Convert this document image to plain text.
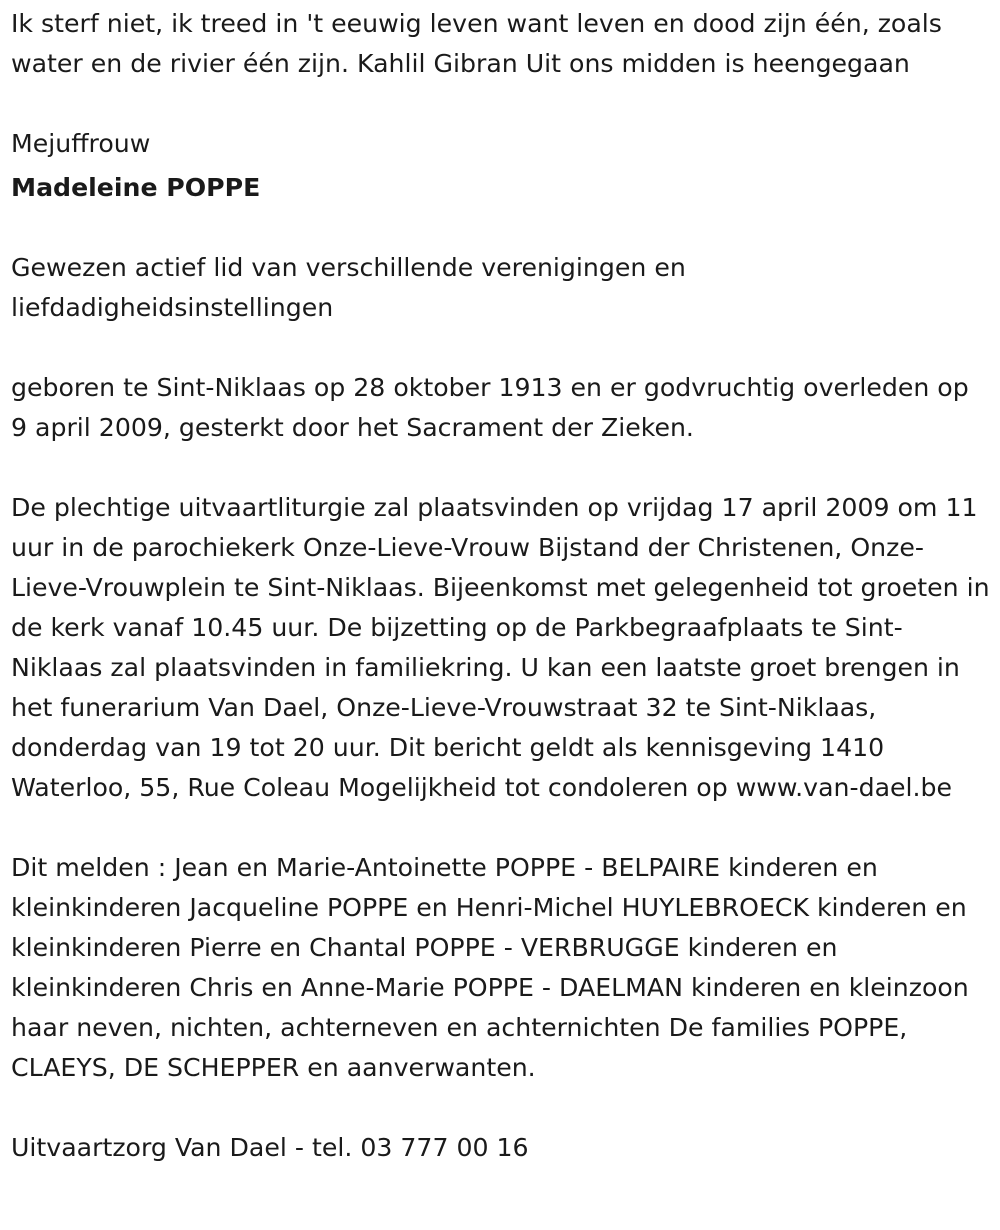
Ik sterf niet, ik treed in 't eeuwig leven want leven en dood zijn één, zoals water en de rivier één zijn. Kahlil Gibran Uit ons midden is heengegaan

Mejuffrouw

Madeleine POPPE

Gewezen actief lid van verschillende verenigingen en liefdadigheidsinstellingen

geboren te Sint-Niklaas op 28 oktober 1913 en er godvruchtig overleden op 9 april 2009, gesterkt door het Sacrament der Zieken.

De plechtige uitvaartliturgie zal plaatsvinden op vrijdag 17 april 2009 om 11 uur in de parochiekerk Onze-Lieve-Vrouw Bijstand der Christenen, Onze-Lieve-Vrouwplein te Sint-Niklaas. Bijeenkomst met gelegenheid tot groeten in de kerk vanaf 10.45 uur. De bijzetting op de Parkbegraafplaats te Sint-Niklaas zal plaatsvinden in familiekring. U kan een laatste groet brengen in het funerarium Van Dael, Onze-Lieve-Vrouwstraat 32 te Sint-Niklaas, donderdag van 19 tot 20 uur. Dit bericht geldt als kennisgeving 1410 Waterloo, 55, Rue Coleau Mogelijkheid tot condoleren op www.van-dael.be

Dit melden : Jean en Marie-Antoinette POPPE - BELPAIRE kinderen en kleinkinderen Jacqueline POPPE en Henri-Michel HUYLEBROECK kinderen en kleinkinderen Pierre en Chantal POPPE - VERBRUGGE kinderen en kleinkinderen Chris en Anne-Marie POPPE - DAELMAN kinderen en kleinzoon haar neven, nichten, achterneven en achternichten De families POPPE, CLAEYS, DE SCHEPPER en aanverwanten.

Uitvaartzorg Van Dael - tel. 03 777 00 16
